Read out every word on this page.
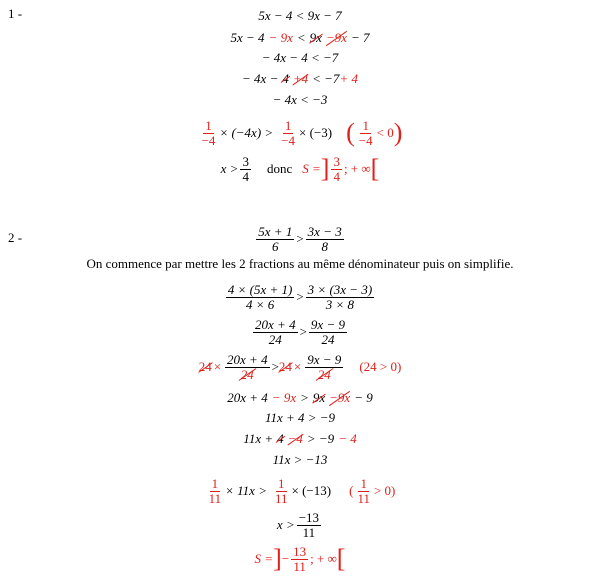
1 -	5x − 4 < 9x − 7
5x − 4 − 9x < 9x −9x − 7
− 4x − 4 < −7
− 4x − 4 +4 < −7 + 4
− 4x < −3
$\frac{1}{-4} \times (-4x) > \frac{1}{-4} \times (-3)$ ( $\frac{1}{-4} < 0$ )
$x > \frac{3}{4}$ donc S = ] $\frac{3}{4}$ ; + ∞ [
2 -	$\frac{5x + 1}{6} > \frac{3x - 3}{8}$
On commence par mettre les 2 fractions au même dénominateur puis on simplifie.
$\frac{4 \times (5x + 1)}{4 \times 6} > \frac{3 \times (3x - 3)}{3 \times 8}$
$\frac{20x + 4}{24} > \frac{9x - 9}{24}$
$24 \times \frac{20x + 4}{24} > 24 \times \frac{9x - 9}{24} (24 > 0)$
20x + 4 − 9x > 9x −9x − 9
11x + 4 > −9
11x + 4 −4 > −9 − 4
11x > −13
$\frac{1}{11} \times 11x > \frac{1}{11} \times (-13)$ ( $\frac{1}{11} > 0$)
$x > \frac{-13}{11}$
S = ] − $\frac{13}{11}$ ; + ∞ [
